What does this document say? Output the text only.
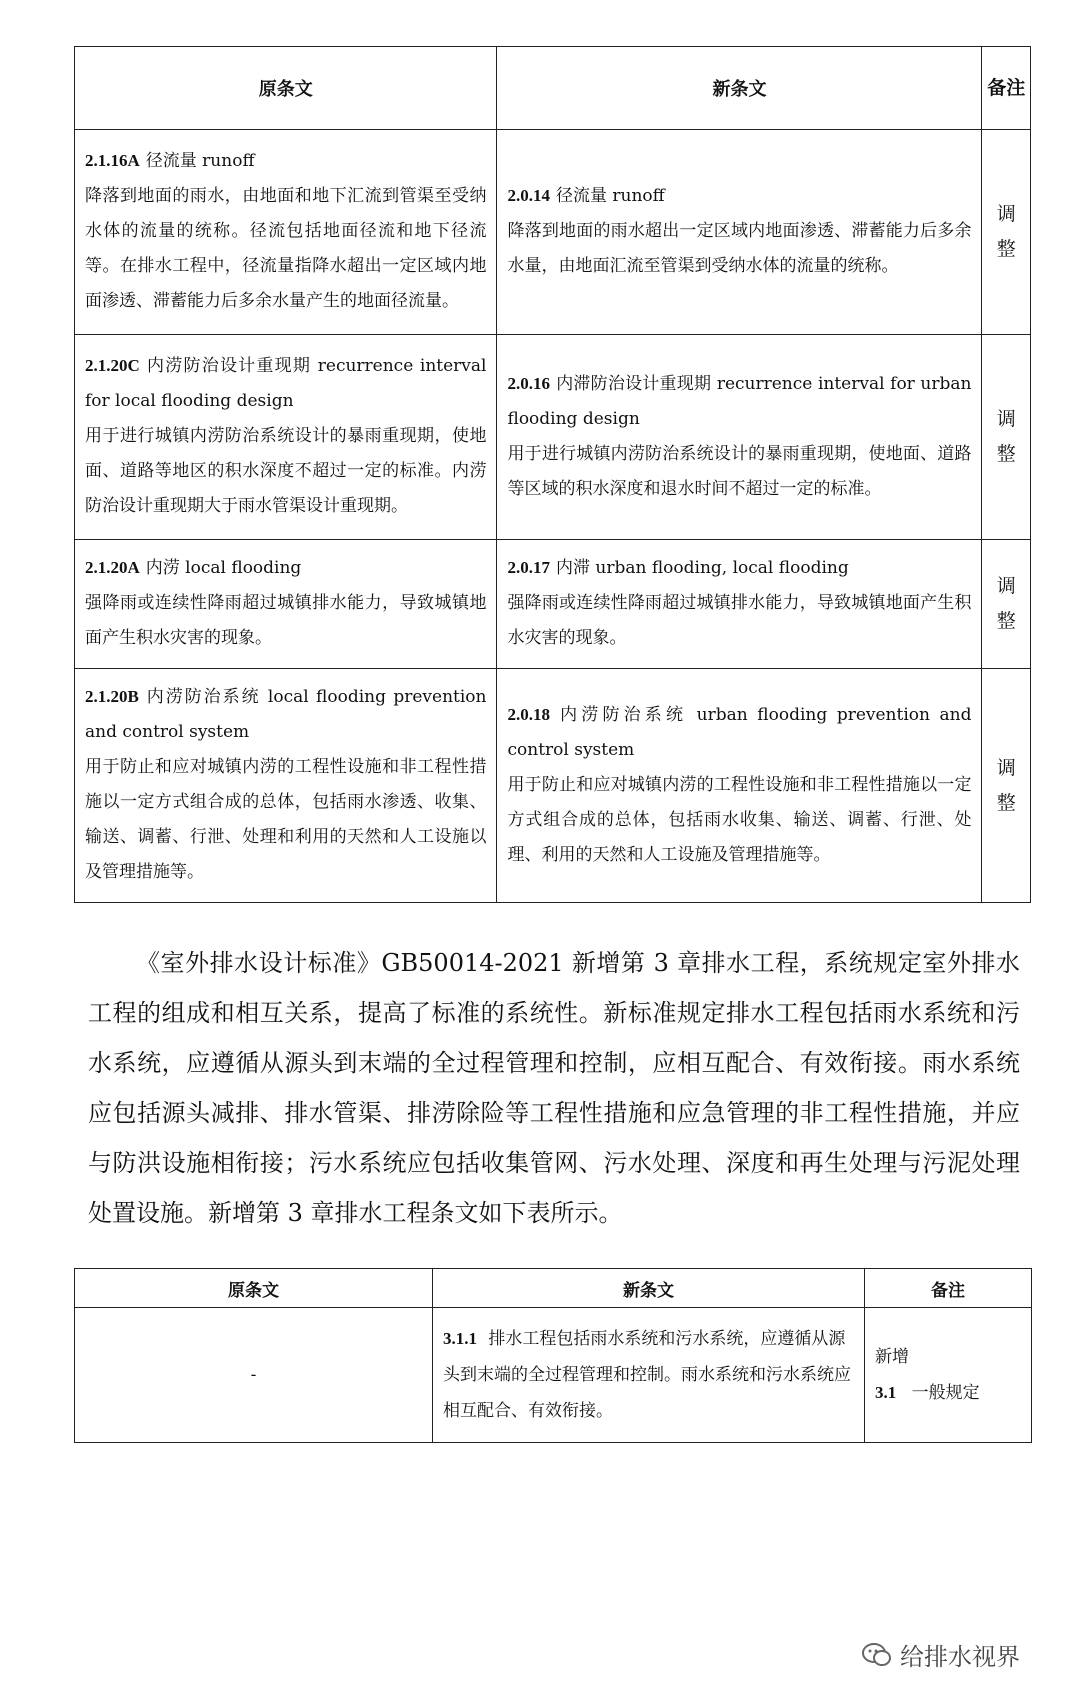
原条文	新条文	备注
2.1.16A 径流量 runoff
降落到地面的雨水，由地面和地下汇流到管渠至受纳水体的流量的统称。径流包括地面径流和地下径流等。在排水工程中，径流量指降水超出一定区域内地面渗透、滞蓄能力后多余水量产生的地面径流量。	2.0.14 径流量 runoff
降落到地面的雨水超出一定区域内地面渗透、滞蓄能力后多余水量，由地面汇流至管渠到受纳水体的流量的统称。	调整
2.1.20C 内涝防治设计重现期 recurrence interval for local flooding design
用于进行城镇内涝防治系统设计的暴雨重现期，使地面、道路等地区的积水深度不超过一定的标准。内涝防治设计重现期大于雨水管渠设计重现期。	2.0.16 内滞防治设计重现期 recurrence interval for urban flooding design
用于进行城镇内涝防治系统设计的暴雨重现期，使地面、道路等区域的积水深度和退水时间不超过一定的标准。	调整
2.1.20A 内涝 local flooding
强降雨或连续性降雨超过城镇排水能力，导致城镇地面产生积水灾害的现象。	2.0.17 内滞 urban flooding, local flooding
强降雨或连续性降雨超过城镇排水能力，导致城镇地面产生积水灾害的现象。	调整
2.1.20B 内涝防治系统 local flooding prevention and control system
用于防止和应对城镇内涝的工程性设施和非工程性措施以一定方式组合成的总体，包括雨水渗透、收集、输送、调蓄、行泄、处理和利用的天然和人工设施以及管理措施等。	2.0.18 内涝防治系统 urban flooding prevention and control system
用于防止和应对城镇内涝的工程性设施和非工程性措施以一定方式组合成的总体，包括雨水收集、输送、调蓄、行泄、处理、利用的天然和人工设施及管理措施等。	调整

《室外排水设计标准》GB50014-2021 新增第 3 章排水工程，系统规定室外排水工程的组成和相互关系，提高了标准的系统性。新标准规定排水工程包括雨水系统和污水系统，应遵循从源头到末端的全过程管理和控制，应相互配合、有效衔接。雨水系统应包括源头减排、排水管渠、排涝除险等工程性措施和应急管理的非工程性措施，并应与防洪设施相衔接；污水系统应包括收集管网、污水处理、深度和再生处理与污泥处理处置设施。新增第 3 章排水工程条文如下表所示。

原条文	新条文	备注
-	3.1.1 排水工程包括雨水系统和污水系统，应遵循从源头到末端的全过程管理和控制。雨水系统和污水系统应相互配合、有效衔接。	新增
3.1 一般规定
给排水视界
